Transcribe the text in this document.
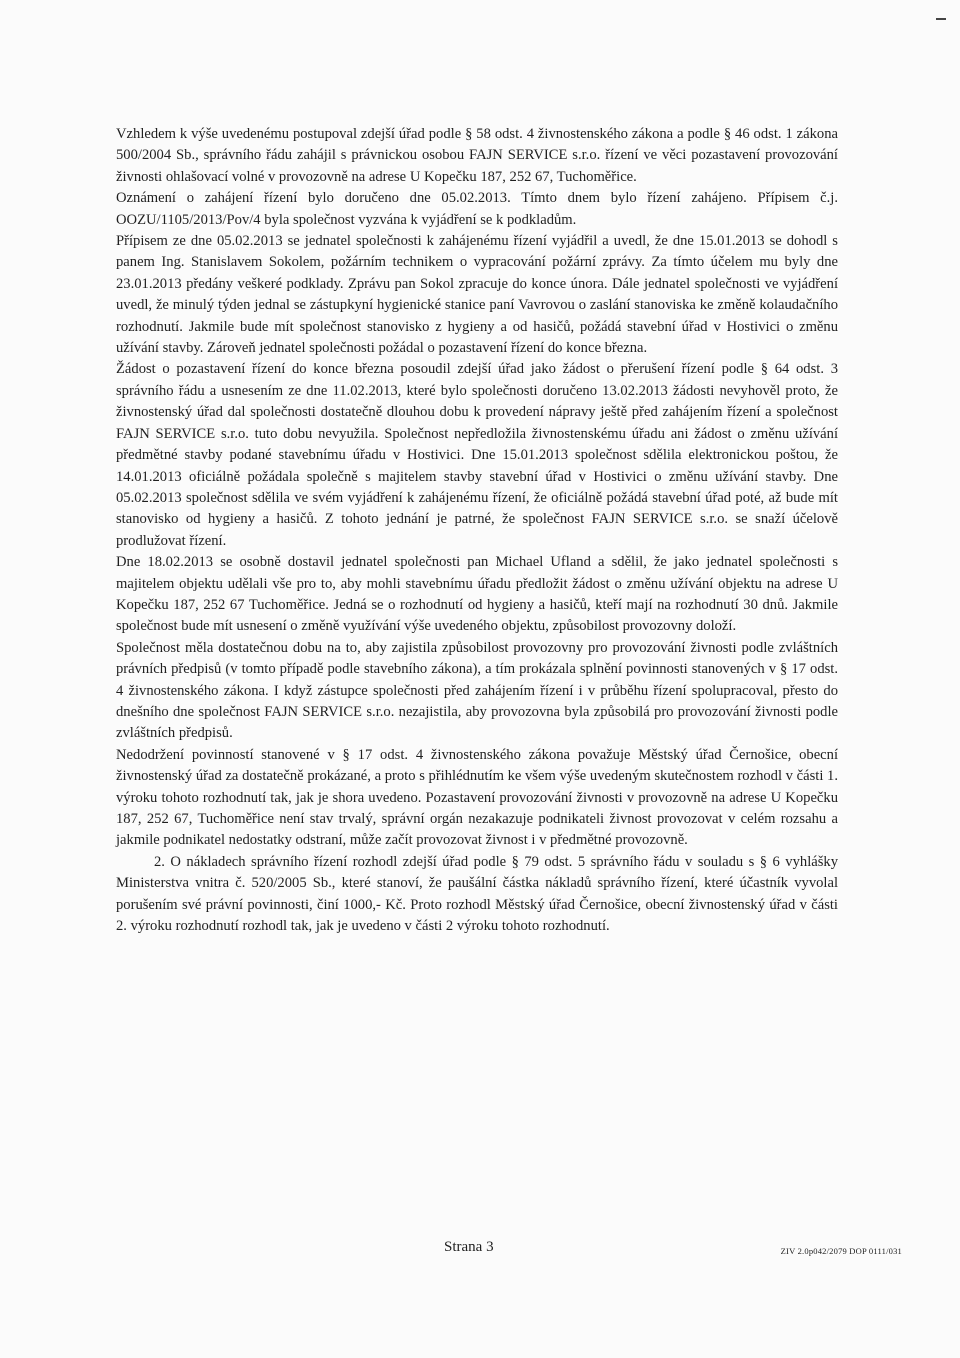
Vzhledem k výše uvedenému postupoval zdejší úřad podle § 58 odst. 4 živnostenského zákona a podle § 46 odst. 1 zákona 500/2004 Sb., správního řádu zahájil s právnickou osobou FAJN SERVICE s.r.o. řízení ve věci pozastavení provozování živnosti ohlašovací volné v provozovně na adrese U Kopečku 187, 252 67, Tuchoměřice.

Oznámení o zahájení řízení bylo doručeno dne 05.02.2013. Tímto dnem bylo řízení zahájeno. Přípisem č.j. OOZU/1105/2013/Pov/4 byla společnost vyzvána k vyjádření se k podkladům.

Přípisem ze dne 05.02.2013 se jednatel společnosti k zahájenému řízení vyjádřil a uvedl, že dne 15.01.2013 se dohodl s panem Ing. Stanislavem Sokolem, požárním technikem o vypracování požární zprávy. Za tímto účelem mu byly dne 23.01.2013 předány veškeré podklady. Zprávu pan Sokol zpracuje do konce února. Dále jednatel společnosti ve vyjádření uvedl, že minulý týden jednal se zástupkyní hygienické stanice paní Vavrovou o zaslání stanoviska ke změně kolaudačního rozhodnutí. Jakmile bude mít společnost stanovisko z hygieny a od hasičů, požádá stavební úřad v Hostivici o změnu užívání stavby. Zároveň jednatel společnosti požádal o pozastavení řízení do konce března.

Žádost o pozastavení řízení do konce března posoudil zdejší úřad jako žádost o přerušení řízení podle § 64 odst. 3 správního řádu a usnesením ze dne 11.02.2013, které bylo společnosti doručeno 13.02.2013 žádosti nevyhověl proto, že živnostenský úřad dal společnosti dostatečně dlouhou dobu k provedení nápravy ještě před zahájením řízení a společnost FAJN SERVICE s.r.o. tuto dobu nevyužila. Společnost nepředložila živnostenskému úřadu ani žádost o změnu užívání předmětné stavby podané stavebnímu úřadu v Hostivici. Dne 15.01.2013 společnost sdělila elektronickou poštou, že 14.01.2013 oficiálně požádala společně s majitelem stavby stavební úřad v Hostivici o změnu užívání stavby. Dne 05.02.2013 společnost sdělila ve svém vyjádření k zahájenému řízení, že oficiálně požádá stavební úřad poté, až bude mít stanovisko od hygieny a hasičů. Z tohoto jednání je patrné, že společnost FAJN SERVICE s.r.o. se snaží účelově prodlužovat řízení.

Dne 18.02.2013 se osobně dostavil jednatel společnosti pan Michael Ufland a sdělil, že jako jednatel společnosti s majitelem objektu udělali vše pro to, aby mohli stavebnímu úřadu předložit žádost o změnu užívání objektu na adrese U Kopečku 187, 252 67 Tuchoměřice. Jedná se o rozhodnutí od hygieny a hasičů, kteří mají na rozhodnutí 30 dnů. Jakmile společnost bude mít usnesení o změně využívání výše uvedeného objektu, způsobilost provozovny doloží.

Společnost měla dostatečnou dobu na to, aby zajistila způsobilost provozovny pro provozování živnosti podle zvláštních právních předpisů (v tomto případě podle stavebního zákona), a tím prokázala splnění povinnosti stanovených v § 17 odst. 4 živnostenského zákona. I když zástupce společnosti před zahájením řízení i v průběhu řízení spolupracoval, přesto do dnešního dne společnost FAJN SERVICE s.r.o. nezajistila, aby provozovna byla způsobilá pro provozování živnosti podle zvláštních předpisů.

Nedodržení povinností stanovené v § 17 odst. 4 živnostenského zákona považuje Městský úřad Černošice, obecní živnostenský úřad za dostatečně prokázané, a proto s přihlédnutím ke všem výše uvedeným skutečnostem rozhodl v části 1. výroku tohoto rozhodnutí tak, jak je shora uvedeno. Pozastavení provozování živnosti v provozovně na adrese U Kopečku 187, 252 67, Tuchoměřice není stav trvalý, správní orgán nezakazuje podnikateli živnost provozovat v celém rozsahu a jakmile podnikatel nedostatky odstraní, může začít provozovat živnost i v předmětné provozovně.

2. O nákladech správního řízení rozhodl zdejší úřad podle § 79 odst. 5 správního řádu v souladu s § 6 vyhlášky Ministerstva vnitra č. 520/2005 Sb., které stanoví, že paušální částka nákladů správního řízení, které účastník vyvolal porušením své právní povinnosti, činí 1000,- Kč. Proto rozhodl Městský úřad Černošice, obecní živnostenský úřad v části 2. výroku rozhodnutí rozhodl tak, jak je uvedeno v části 2 výroku tohoto rozhodnutí.

Strana 3	ZIV 2.0p042/2079 DOP 0111/031
